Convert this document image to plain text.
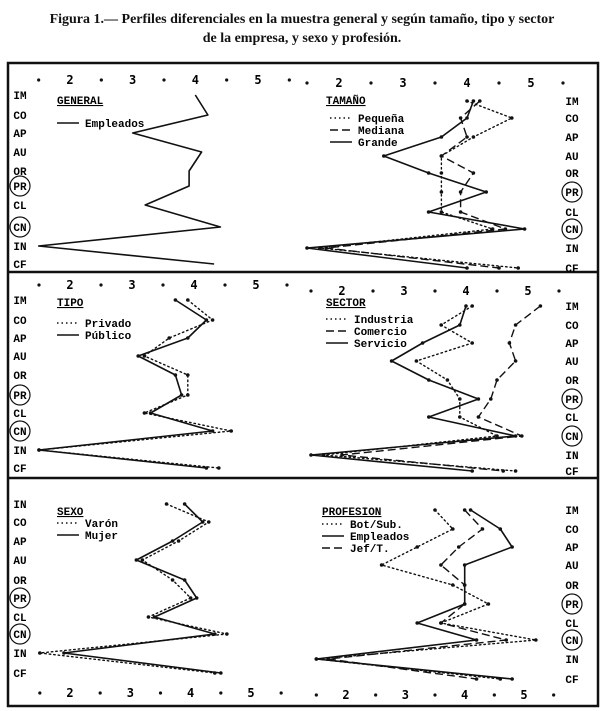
Figura 1.— Perfiles diferenciales en la muestra general y según tamaño, tipo y sector
de la empresa, y sexo y profesión.
2	3	4	5
IM
CO
AP
AU
OR
PR
CL
CN
IN
CF
GENERAL
Empleados
2	3	4	5
IM
CO
AP
AU
OR
PR
CL
CN
IN
CF
TAMAÑO
Pequeña
Mediana
Grande
2	3	4	5
IM
CO
AP
AU
OR
PR
CL
CN
IN
CF
TIPO
Privado
Público
2	3	4	5
IM
CO
AP
AU
OR
PR
CL
CN
IN
CF
SECTOR
Industria
Comercio
Servicio
2	3	4	5
IN
CO
AP
AU
OR
PR
CL
CN
IN
CF
SEXO
Varón
Mujer
2	3	4	5
IM
CO
AP
AU
OR
PR
CL
CN
IN
CF
PROFESION
Bot/Sub.
Empleados
Jef/T.
